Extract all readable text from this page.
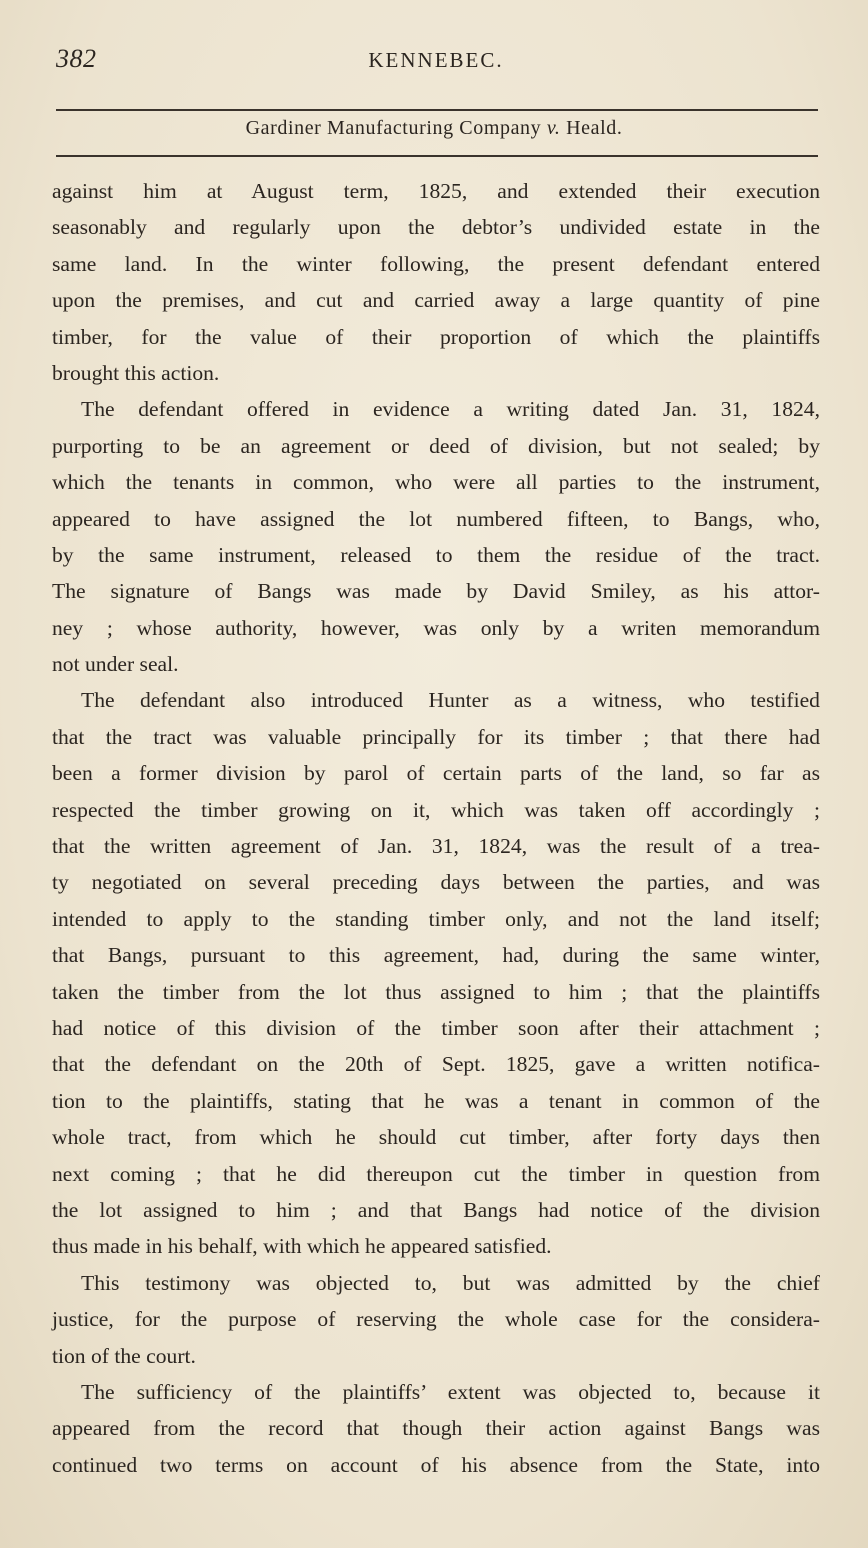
382	KENNEBEC.
Gardiner Manufacturing Company v. Heald.
against him at August term, 1825, and extended their execution
seasonably and regularly upon the debtor’s undivided estate in the
same land. In the winter following, the present defendant entered
upon the premises, and cut and carried away a large quantity of pine
timber, for the value of their proportion of which the plaintiffs
brought this action.
The defendant offered in evidence a writing dated Jan. 31, 1824,
purporting to be an agreement or deed of division, but not sealed; by
which the tenants in common, who were all parties to the instrument,
appeared to have assigned the lot numbered fifteen, to Bangs, who,
by the same instrument, released to them the residue of the tract.
The signature of Bangs was made by David Smiley, as his attor-
ney ; whose authority, however, was only by a writen memorandum
not under seal.
The defendant also introduced Hunter as a witness, who testified
that the tract was valuable principally for its timber ; that there had
been a former division by parol of certain parts of the land, so far as
respected the timber growing on it, which was taken off accordingly ;
that the written agreement of Jan. 31, 1824, was the result of a trea-
ty negotiated on several preceding days between the parties, and was
intended to apply to the standing timber only, and not the land itself;
that Bangs, pursuant to this agreement, had, during the same winter,
taken the timber from the lot thus assigned to him ; that the plaintiffs
had notice of this division of the timber soon after their attachment ;
that the defendant on the 20th of Sept. 1825, gave a written notifica-
tion to the plaintiffs, stating that he was a tenant in common of the
whole tract, from which he should cut timber, after forty days then
next coming ; that he did thereupon cut the timber in question from
the lot assigned to him ; and that Bangs had notice of the division
thus made in his behalf, with which he appeared satisfied.
This testimony was objected to, but was admitted by the chief
justice, for the purpose of reserving the whole case for the considera-
tion of the court.
The sufficiency of the plaintiffs’ extent was objected to, because it
appeared from the record that though their action against Bangs was
continued two terms on account of his absence from the State, into
